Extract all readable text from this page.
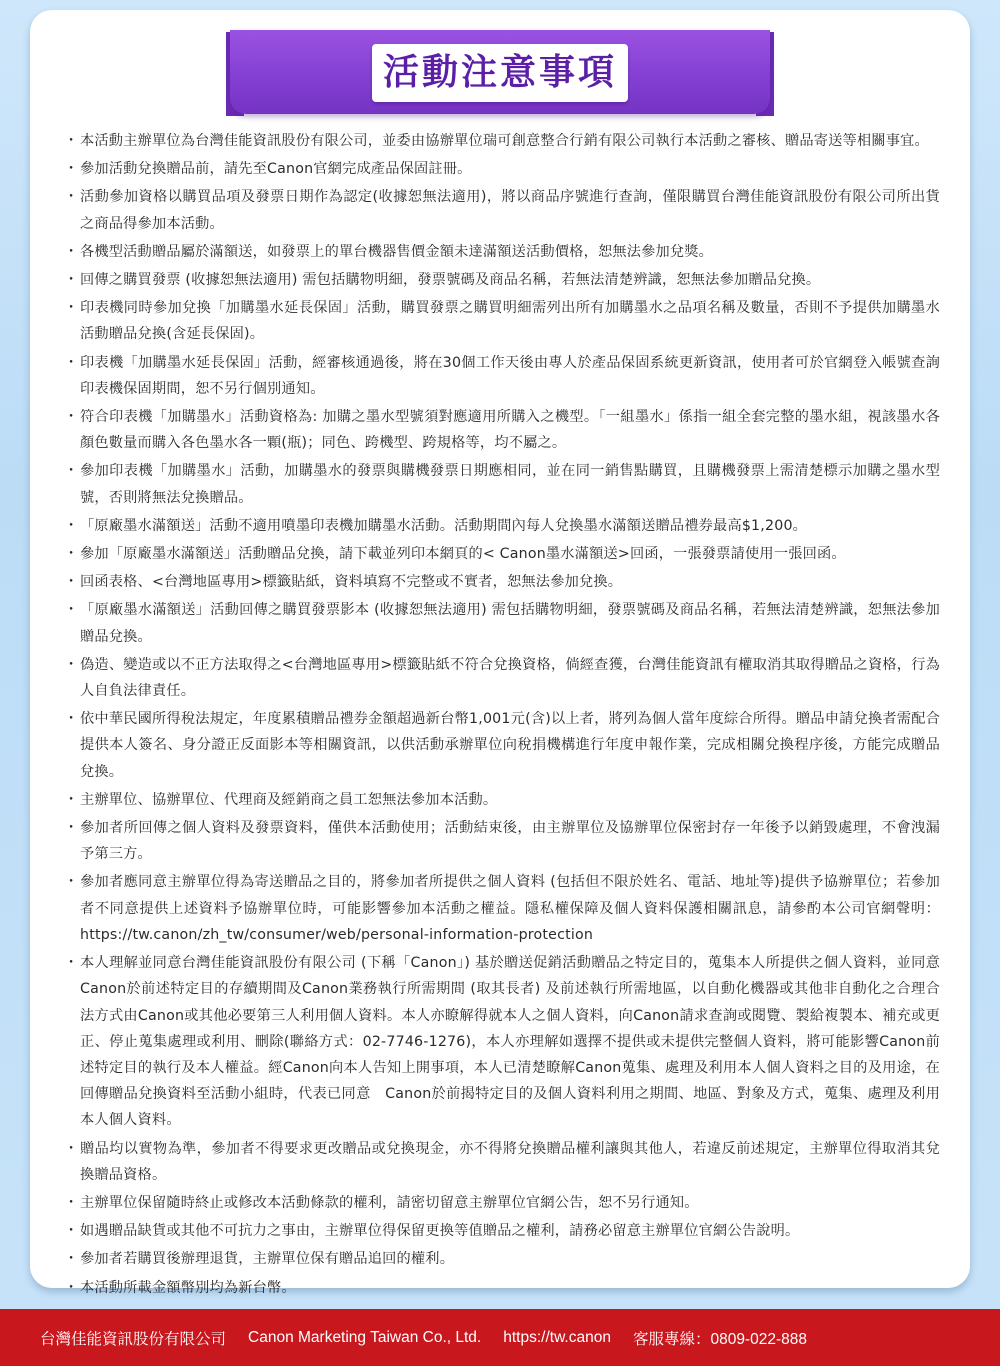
活動注意事項
・ 本活動主辦單位為台灣佳能資訊股份有限公司，並委由協辦單位瑞可創意整合行銷有限公司執行本活動之審核、贈品寄送等相關事宜。
・ 參加活動兌換贈品前，請先至Canon官網完成產品保固註冊。
・ 活動參加資格以購買品項及發票日期作為認定(收據恕無法適用)，將以商品序號進行查詢，僅限購買台灣佳能資訊股份有限公司所出貨之商品得參加本活動。
・ 各機型活動贈品屬於滿額送，如發票上的單台機器售價金額未達滿額送活動價格，恕無法參加兌獎。
・ 回傳之購買發票 (收據恕無法適用) 需包括購物明細，發票號碼及商品名稱，若無法清楚辨識，恕無法參加贈品兌換。
・ 印表機同時參加兌換「加購墨水延長保固」活動，購買發票之購買明細需列出所有加購墨水之品項名稱及數量，否則不予提供加購墨水活動贈品兌換(含延長保固)。
・ 印表機「加購墨水延長保固」活動，經審核通過後，將在30個工作天後由專人於產品保固系統更新資訊，使用者可於官網登入帳號查詢印表機保固期間，恕不另行個別通知。
・ 符合印表機「加購墨水」活動資格為: 加購之墨水型號須對應適用所購入之機型。「一組墨水」係指一組全套完整的墨水組，視該墨水各顏色數量而購入各色墨水各一顆(瓶)；同色、跨機型、跨規格等，均不屬之。
・ 參加印表機「加購墨水」活動，加購墨水的發票與購機發票日期應相同，並在同一銷售點購買，且購機發票上需清楚標示加購之墨水型號，否則將無法兌換贈品。
・ 「原廠墨水滿額送」活動不適用噴墨印表機加購墨水活動。活動期間內每人兌換墨水滿額送贈品禮券最高$1,200。
・ 參加「原廠墨水滿額送」活動贈品兌換，請下載並列印本網頁的< Canon墨水滿額送>回函，一張發票請使用一張回函。
・ 回函表格、<台灣地區專用>標籤貼紙，資料填寫不完整或不實者，恕無法參加兌換。
・ 「原廠墨水滿額送」活動回傳之購買發票影本 (收據恕無法適用) 需包括購物明細，發票號碼及商品名稱，若無法清楚辨識，恕無法參加贈品兌換。
・ 偽造、變造或以不正方法取得之<台灣地區專用>標籤貼紙不符合兌換資格，倘經查獲，台灣佳能資訊有權取消其取得贈品之資格，行為人自負法律責任。
・ 依中華民國所得稅法規定，年度累積贈品禮券金額超過新台幣1,001元(含)以上者，將列為個人當年度綜合所得。贈品申請兌換者需配合提供本人簽名、身分證正反面影本等相關資訊，以供活動承辦單位向稅捐機構進行年度申報作業，完成相關兌換程序後，方能完成贈品兌換。
・ 主辦單位、協辦單位、代理商及經銷商之員工恕無法參加本活動。
・ 參加者所回傳之個人資料及發票資料，僅供本活動使用；活動結束後，由主辦單位及協辦單位保密封存一年後予以銷毀處理，不會洩漏予第三方。
・ 參加者應同意主辦單位得為寄送贈品之目的，將參加者所提供之個人資料 (包括但不限於姓名、電話、地址等)提供予協辦單位；若參加者不同意提供上述資料予協辦單位時，可能影響參加本活動之權益。隱私權保障及個人資料保護相關訊息，請參酌本公司官網聲明：https://tw.canon/zh_tw/consumer/web/personal-information-protection
・ 本人理解並同意台灣佳能資訊股份有限公司 (下稱「Canon」) 基於贈送促銷活動贈品之特定目的，蒐集本人所提供之個人資料，並同意Canon於前述特定目的存續期間及Canon業務執行所需期間 (取其長者) 及前述執行所需地區，以自動化機器或其他非自動化之合理合法方式由Canon或其他必要第三人利用個人資料。本人亦瞭解得就本人之個人資料，向Canon請求查詢或閱覽、製給複製本、補充或更正、停止蒐集處理或利用、刪除(聯絡方式：02-7746-1276)，本人亦理解如選擇不提供或未提供完整個人資料，將可能影響Canon前述特定目的執行及本人權益。經Canon向本人告知上開事項，本人已清楚瞭解Canon蒐集、處理及利用本人個人資料之目的及用途，在回傳贈品兌換資料至活動小組時，代表已同意　Canon於前揭特定目的及個人資料利用之期間、地區、對象及方式，蒐集、處理及利用本人個人資料。
・ 贈品均以實物為準，參加者不得要求更改贈品或兌換現金，亦不得將兌換贈品權利讓與其他人，若違反前述規定，主辦單位得取消其兌換贈品資格。
・ 主辦單位保留隨時終止或修改本活動條款的權利，請密切留意主辦單位官網公告，恕不另行通知。
・ 如遇贈品缺貨或其他不可抗力之事由，主辦單位得保留更換等值贈品之權利，請務必留意主辦單位官網公告說明。
・ 參加者若購買後辦理退貨，主辦單位保有贈品追回的權利。
・ 本活動所載金額幣別均為新台幣。
台灣佳能資訊股份有限公司 Canon Marketing Taiwan Co., Ltd. https://tw.canon 客服專線：0809-022-888
